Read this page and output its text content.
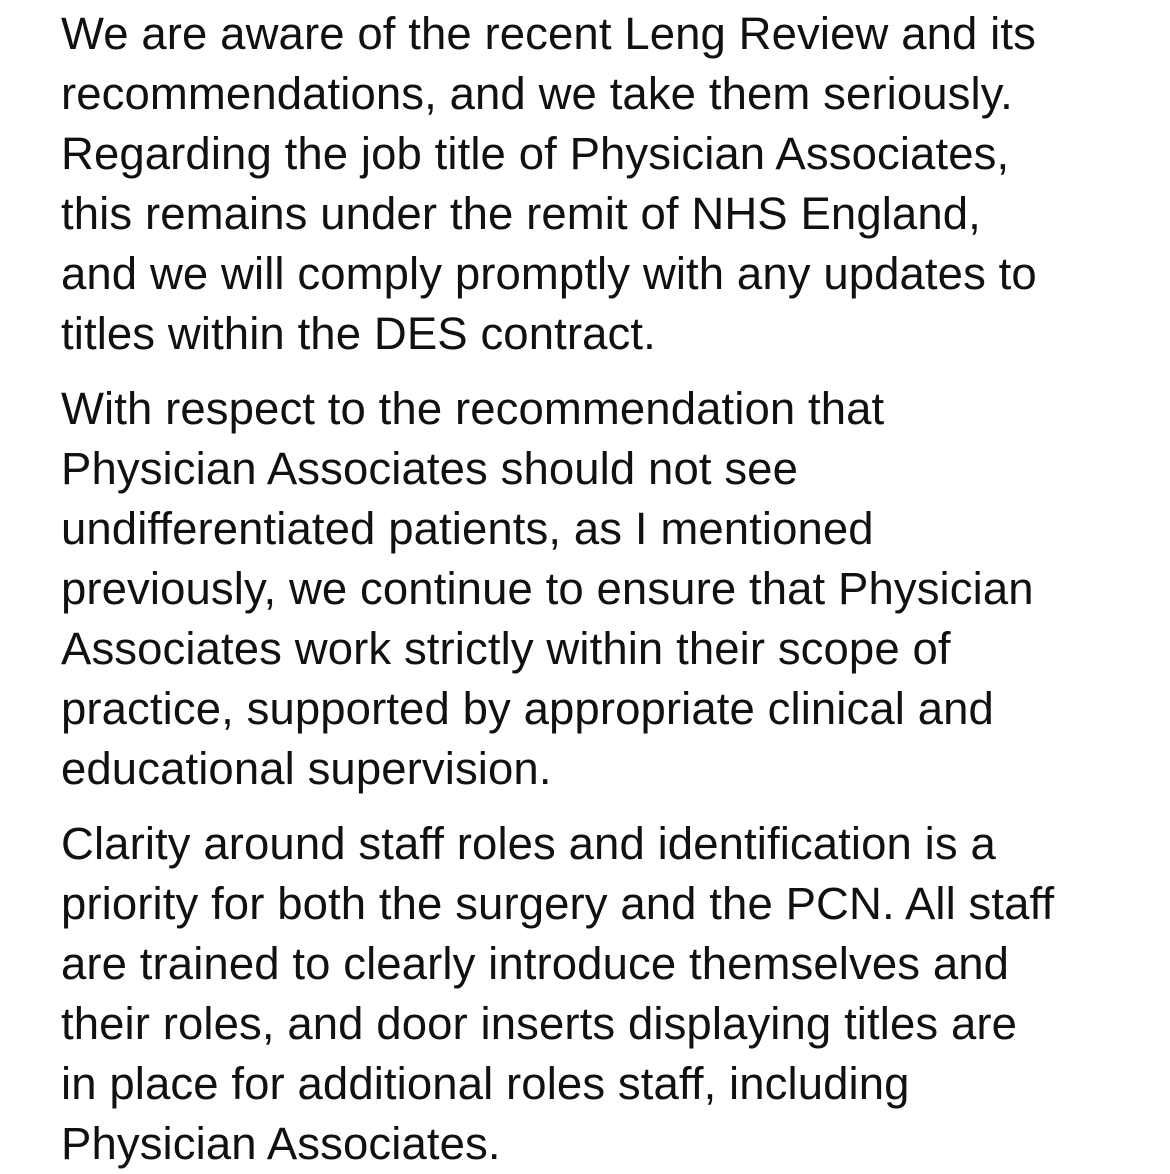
We are aware of the recent Leng Review and its
recommendations, and we take them seriously.
Regarding the job title of Physician Associates,
this remains under the remit of NHS England,
and we will comply promptly with any updates to
titles within the DES contract.

With respect to the recommendation that
Physician Associates should not see
undifferentiated patients, as I mentioned
previously, we continue to ensure that Physician
Associates work strictly within their scope of
practice, supported by appropriate clinical and
educational supervision.

Clarity around staff roles and identification is a
priority for both the surgery and the PCN. All staff
are trained to clearly introduce themselves and
their roles, and door inserts displaying titles are
in place for additional roles staff, including
Physician Associates.
